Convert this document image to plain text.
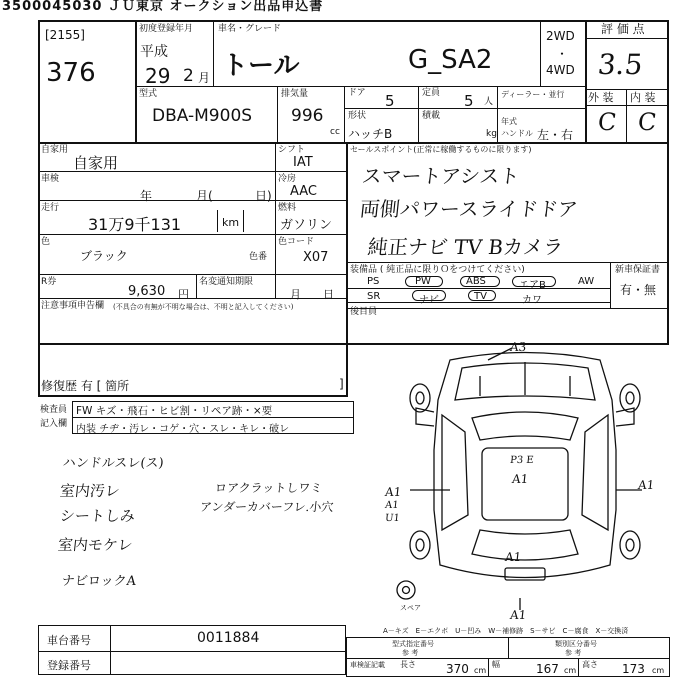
3500045030 ＪＵ東京 オークション出品申込書
[2155]
376
初度登録年月
平成
29 2 月
車名・グレード
トール	G_SA2
2WD
・
4WD
評 価 点
3.5
外 装 内 装
C C
型式
DBA-M900S
排気量
996
cc
ドア 5	定員 5 人
ディーラー・並行
年式
形状
ハッチB
積載
kg ハンドル 左・右
自家用
自家用
車検
年	月(	日)
走行
31万9千131	km
色
ブラック	色番
R券
9,630 円
名変通知期限
月 日
シフト
IAT
冷房
AAC
燃料
ガソリン
色コード
X07
セールスポイント(正常に稼働するものに限ります)
スマートアシスト
両側パワースライドドア
純正ナビ TV Bカメラ
装備品 ( 純正品に限りＯをつけてください)	新車保証書
有・無
PS	PW	ABS	エアB	AW
SR	ナビ	TV	カワ
後目員
注意事項申告欄 (不具合の有無が不明な場合は、不明と記入してください)
修復歴 有 [ 箇所	]
検査員
記入欄
FW キズ・飛石・ヒビ割・リペア跡・×要
内装 チヂ・汚レ・コゲ・穴・スレ・キレ・破レ
ハンドルスレ(ス)
室内汚レ
シートしみ
室内モケレ
ナビロックA
ロアクラットしワミ
アンダーカバーフレ.小穴
A3
A1
A1
U1
A1
A1
A1
P3 E
A1
スペア
A－キズ　E－エクボ　U－凹み　W－補修跡　S－サビ　C－腐食　X－交換済
車台番号	0011884
登録番号
型式指定番号
参 考
類別区分番号
参 考
車検証記載 長さ	370 cm
幅	167 cm
高さ 173 cm
